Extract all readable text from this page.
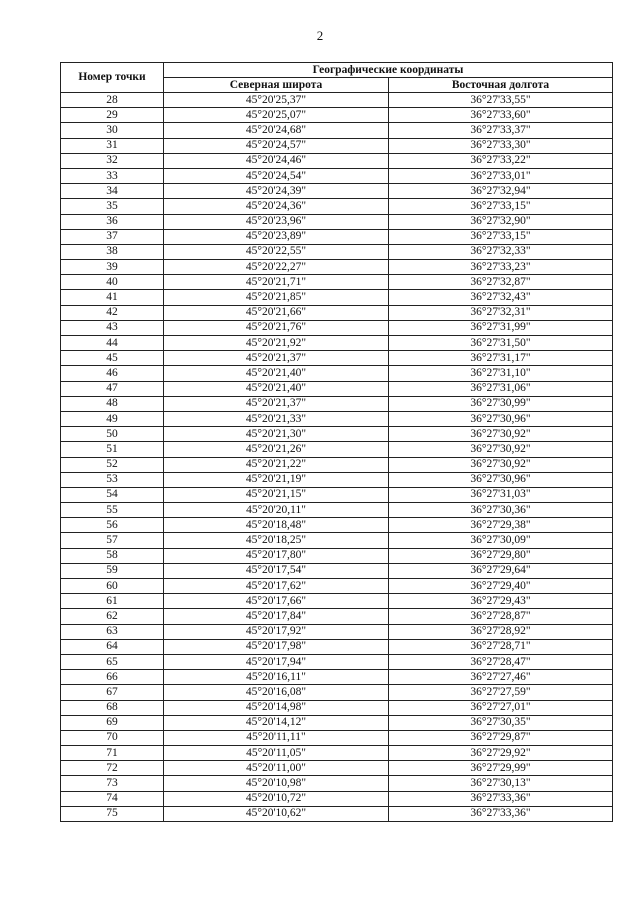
2
Номер точки	Географические координаты	
	Северная широта	Восточная долгота
28	45°20'25,37"	36°27'33,55"
29	45°20'25,07"	36°27'33,60"
30	45°20'24,68"	36°27'33,37"
31	45°20'24,57"	36°27'33,30"
32	45°20'24,46"	36°27'33,22"
33	45°20'24,54"	36°27'33,01"
34	45°20'24,39"	36°27'32,94"
35	45°20'24,36"	36°27'33,15"
36	45°20'23,96"	36°27'32,90"
37	45°20'23,89"	36°27'33,15"
38	45°20'22,55"	36°27'32,33"
39	45°20'22,27"	36°27'33,23"
40	45°20'21,71"	36°27'32,87"
41	45°20'21,85"	36°27'32,43"
42	45°20'21,66"	36°27'32,31"
43	45°20'21,76"	36°27'31,99"
44	45°20'21,92"	36°27'31,50"
45	45°20'21,37"	36°27'31,17"
46	45°20'21,40"	36°27'31,10"
47	45°20'21,40"	36°27'31,06"
48	45°20'21,37"	36°27'30,99"
49	45°20'21,33"	36°27'30,96"
50	45°20'21,30"	36°27'30,92"
51	45°20'21,26"	36°27'30,92"
52	45°20'21,22"	36°27'30,92"
53	45°20'21,19"	36°27'30,96"
54	45°20'21,15"	36°27'31,03"
55	45°20'20,11"	36°27'30,36"
56	45°20'18,48"	36°27'29,38"
57	45°20'18,25"	36°27'30,09"
58	45°20'17,80"	36°27'29,80"
59	45°20'17,54"	36°27'29,64"
60	45°20'17,62"	36°27'29,40"
61	45°20'17,66"	36°27'29,43"
62	45°20'17,84"	36°27'28,87"
63	45°20'17,92"	36°27'28,92"
64	45°20'17,98"	36°27'28,71"
65	45°20'17,94"	36°27'28,47"
66	45°20'16,11"	36°27'27,46"
67	45°20'16,08"	36°27'27,59"
68	45°20'14,98"	36°27'27,01"
69	45°20'14,12"	36°27'30,35"
70	45°20'11,11"	36°27'29,87"
71	45°20'11,05"	36°27'29,92"
72	45°20'11,00"	36°27'29,99"
73	45°20'10,98"	36°27'30,13"
74	45°20'10,72"	36°27'33,36"
75	45°20'10,62"	36°27'33,36"
